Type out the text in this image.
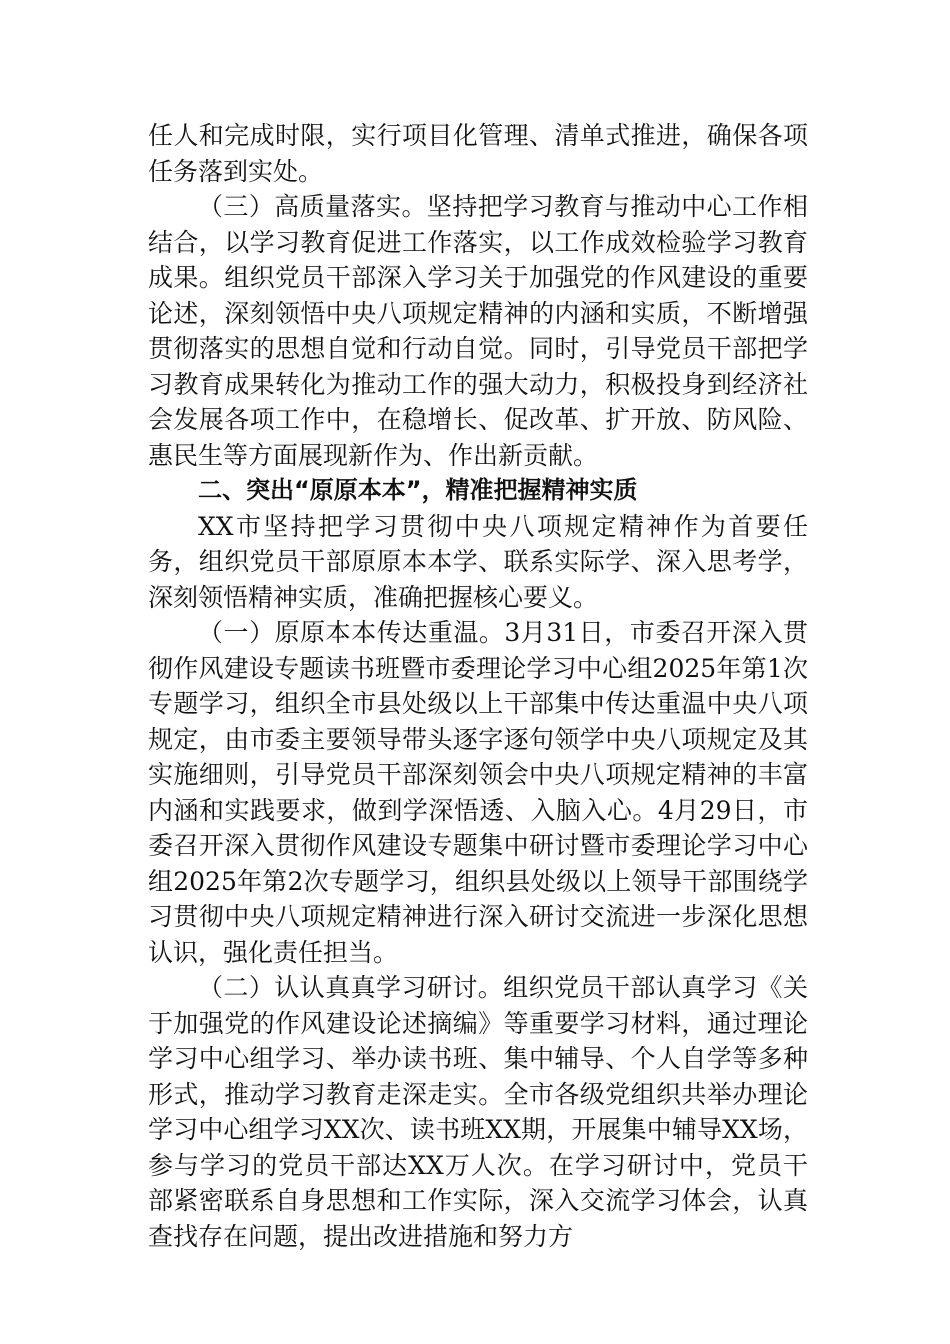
任人和完成时限，实行项目化管理、清单式推进，确保各项任务落到实处。

（三）高质量落实。坚持把学习教育与推动中心工作相结合，以学习教育促进工作落实，以工作成效检验学习教育成果。组织党员干部深入学习关于加强党的作风建设的重要论述，深刻领悟中央八项规定精神的内涵和实质，不断增强贯彻落实的思想自觉和行动自觉。同时，引导党员干部把学习教育成果转化为推动工作的强大动力，积极投身到经济社会发展各项工作中，在稳增长、促改革、扩开放、防风险、惠民生等方面展现新作为、作出新贡献。

二、突出“原原本本”，精准把握精神实质

XX市坚持把学习贯彻中央八项规定精神作为首要任务，组织党员干部原原本本学、联系实际学、深入思考学，深刻领悟精神实质，准确把握核心要义。

（一）原原本本传达重温。3月31日，市委召开深入贯彻作风建设专题读书班暨市委理论学习中心组2025年第1次专题学习，组织全市县处级以上干部集中传达重温中央八项规定，由市委主要领导带头逐字逐句领学中央八项规定及其实施细则，引导党员干部深刻领会中央八项规定精神的丰富内涵和实践要求，做到学深悟透、入脑入心。4月29日，市委召开深入贯彻作风建设专题集中研讨暨市委理论学习中心组2025年第2次专题学习，组织县处级以上领导干部围绕学习贯彻中央八项规定精神进行深入研讨交流进一步深化思想认识，强化责任担当。

（二）认认真真学习研讨。组织党员干部认真学习《关于加强党的作风建设论述摘编》等重要学习材料，通过理论学习中心组学习、举办读书班、集中辅导、个人自学等多种形式，推动学习教育走深走实。全市各级党组织共举办理论学习中心组学习XX次、读书班XX期，开展集中辅导XX场，参与学习的党员干部达XX万人次。在学习研讨中，党员干部紧密联系自身思想和工作实际，深入交流学习体会，认真查找存在问题，提出改进措施和努力方
